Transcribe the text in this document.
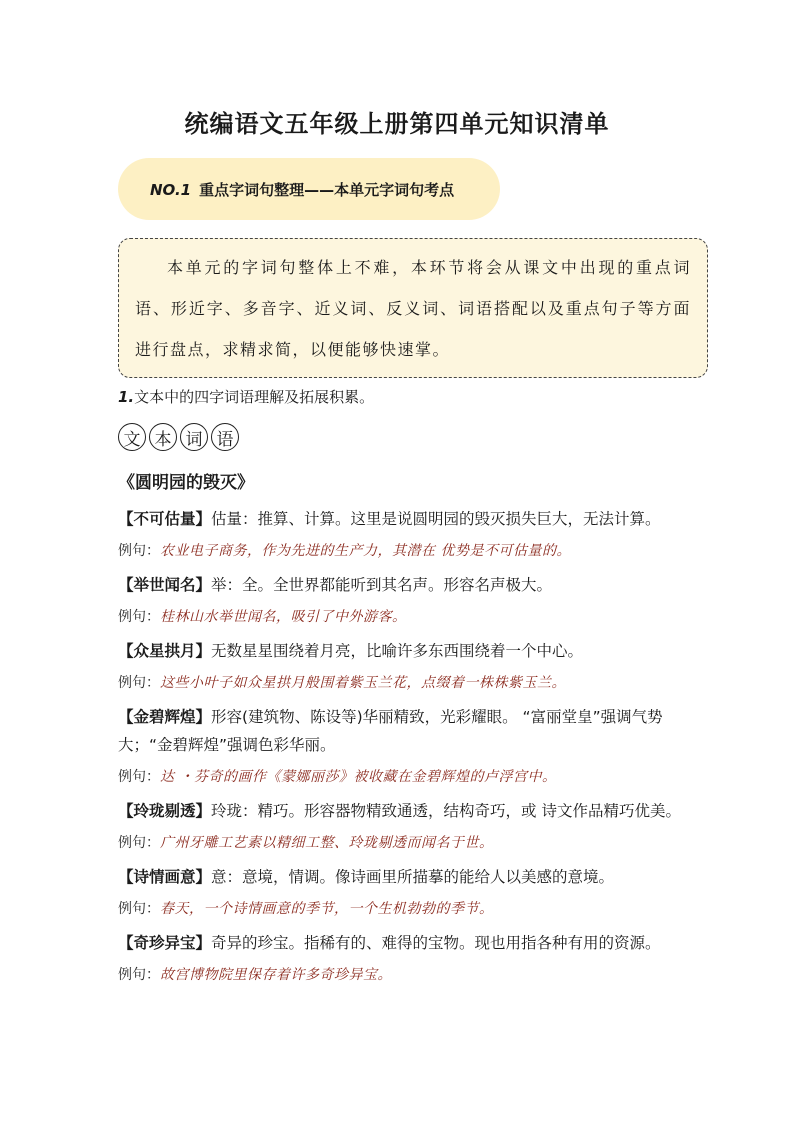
统编语文五年级上册第四单元知识清单
NO.1 重点字词句整理——本单元字词句考点
本单元的字词句整体上不难，本环节将会从课文中出现的重点词语、形近字、多音字、近义词、反义词、词语搭配以及重点句子等方面进行盘点，求精求简，以便能够快速掌。
1.文本中的四字词语理解及拓展积累。
文 本 词 语
《圆明园的毁灭》
【不可估量】估量：推算、计算。这里是说圆明园的毁灭损失巨大，无法计算。
例句：农业电子商务，作为先进的生产力，其潜在 优势是不可估量的。
【举世闻名】举：全。全世界都能听到其名声。形容名声极大。
例句：桂林山水举世闻名，吸引了中外游客。
【众星拱月】无数星星围绕着月亮，比喻许多东西围绕着一个中心。
例句：这些小叶子如众星拱月般围着紫玉兰花，点缀着一株株紫玉兰。
【金碧辉煌】形容(建筑物、陈设等)华丽精致，光彩耀眼。 “富丽堂皇”强调气势大；“金碧辉煌”强调色彩华丽。
例句：达 ・芬奇的画作《蒙娜丽莎》被收藏在金碧辉煌的卢浮宫中。
【玲珑剔透】玲珑：精巧。形容器物精致通透，结构奇巧，或 诗文作品精巧优美。
例句：广州牙雕工艺素以精细工整、玲珑剔透而闻名于世。
【诗情画意】意：意境，情调。像诗画里所描摹的能给人以美感的意境。
例句：春天，一个诗情画意的季节，一个生机勃勃的季节。
【奇珍异宝】奇异的珍宝。指稀有的、难得的宝物。现也用指各种有用的资源。
例句：故宫博物院里保存着许多奇珍异宝。
